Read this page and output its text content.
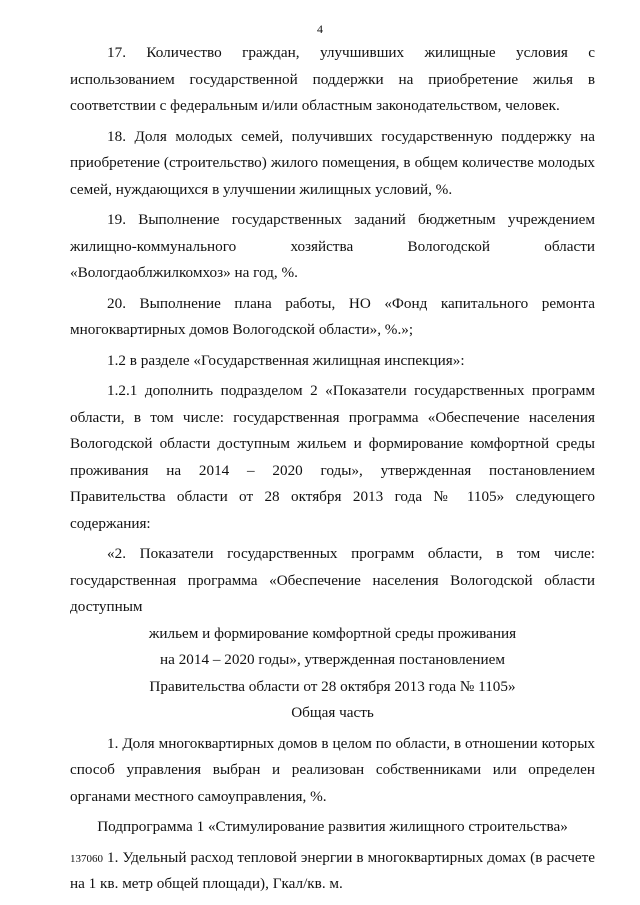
4

17. Количество граждан, улучшивших жилищные условия с использованием государственной поддержки на приобретение жилья в соответствии с федеральным и/или областным законодательством, человек.

18. Доля молодых семей, получивших государственную поддержку на приобретение (строительство) жилого помещения, в общем количестве молодых семей, нуждающихся в улучшении жилищных условий, %.

19. Выполнение государственных заданий бюджетным учреждением жилищно-коммунального хозяйства Вологодской области «Вологдаоблжилкомхоз» на год, %.

20. Выполнение плана работы, НО «Фонд капитального ремонта многоквартирных домов Вологодской области», %.»;

1.2 в разделе «Государственная жилищная инспекция»:

1.2.1 дополнить подразделом 2 «Показатели государственных программ области, в том числе: государственная программа «Обеспечение населения Вологодской области доступным жильем и формирование комфортной среды проживания на 2014 – 2020 годы», утвержденная постановлением Правительства области от 28 октября 2013 года № 1105» следующего содержания:

«2. Показатели государственных программ области, в том числе: государственная программа «Обеспечение населения Вологодской области доступным
жильем и формирование комфортной среды проживания
на 2014 – 2020 годы», утвержденная постановлением
Правительства области от 28 октября 2013 года № 1105»

Общая часть

1. Доля многоквартирных домов в целом по области, в отношении которых способ управления выбран и реализован собственниками или определен органами местного самоуправления, %.

Подпрограмма 1 «Стимулирование развития жилищного строительства»

1. Удельный расход тепловой энергии в многоквартирных домах (в расчете на 1 кв. метр общей площади), Гкал/кв. м.

137060
